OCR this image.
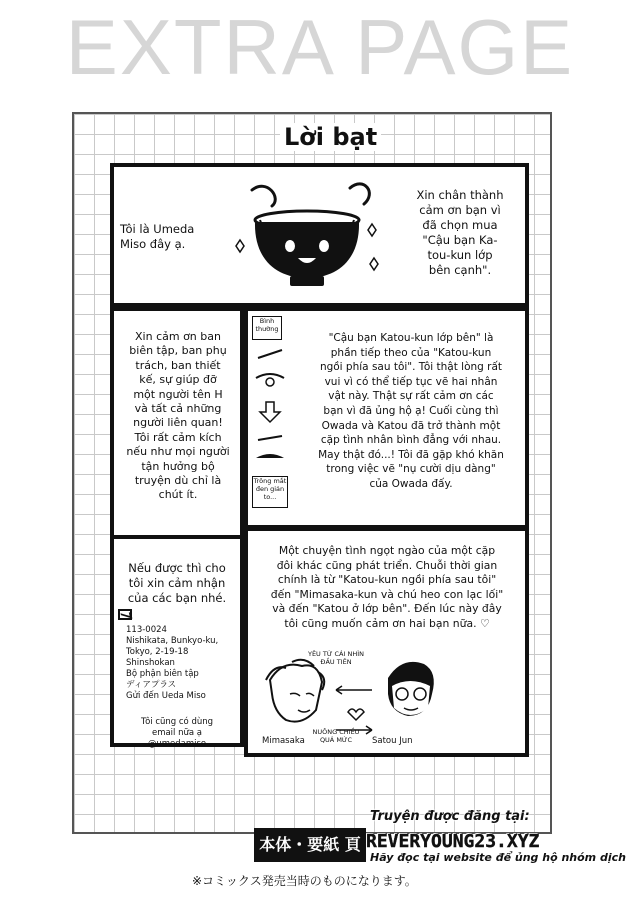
EXTRA PAGE
Lời bạt
Tôi là Umeda
Miso đây ạ.
Xin chân thành
cảm ơn bạn vì
đã chọn mua
"Cậu bạn Ka-
tou-kun lớp
bên cạnh".
Xin cảm ơn ban
biên tập, ban phụ
trách, ban thiết
kế, sự giúp đỡ
một người tên H
và tất cả những
người liên quan!
Tôi rất cảm kích
nếu như mọi người
tận hưởng bộ
truyện dù chỉ là
chút ít.
Bình
thường
Trông mắt
đen giản
to...
"Cậu bạn Katou-kun lớp bên" là
phần tiếp theo của "Katou-kun
ngồi phía sau tôi". Tôi thật lòng rất
vui vì có thể tiếp tục vẽ hai nhân
vật này. Thật sự rất cảm ơn các
bạn vì đã ủng hộ ạ! Cuối cùng thì
Owada và Katou đã trở thành một
cặp tình nhân bình đẳng với nhau.
May thật đó...! Tôi đã gặp khó khăn
trong việc vẽ "nụ cười dịu dàng"
của Owada đấy.
Nếu được thì cho
tôi xin cảm nhận
của các bạn nhé.
113-0024
Nishikata, Bunkyo-ku,
Tokyo, 2-19-18 Shinshokan
Bộ phận biên tập
ディアプラス
Gửi đến Ueda Miso
Tôi cũng có dùng
email nữa ạ
@umedamiso
Một chuyện tình ngọt ngào của một cặp
đôi khác cũng phát triển. Chuỗi thời gian
chính là từ "Katou-kun ngồi phía sau tôi"
đến "Mimasaka-kun và chú heo con lạc lối"
và đến "Katou ở lớp bên". Đến lúc này đây
tôi cũng muốn cảm ơn hai bạn nữa. ♡
YÊU TỪ CÁI NHÌN
ĐẦU TIÊN
NUÔNG CHIỀU
QUÁ MỨC
Mimasaka	Satou Jun
本体・要紙 頁
Truyện được đăng tại:
REVERYOUNG23.XYZ
Hãy đọc tại website để ủng hộ nhóm dịch
※コミックス発売当時のものになります。
